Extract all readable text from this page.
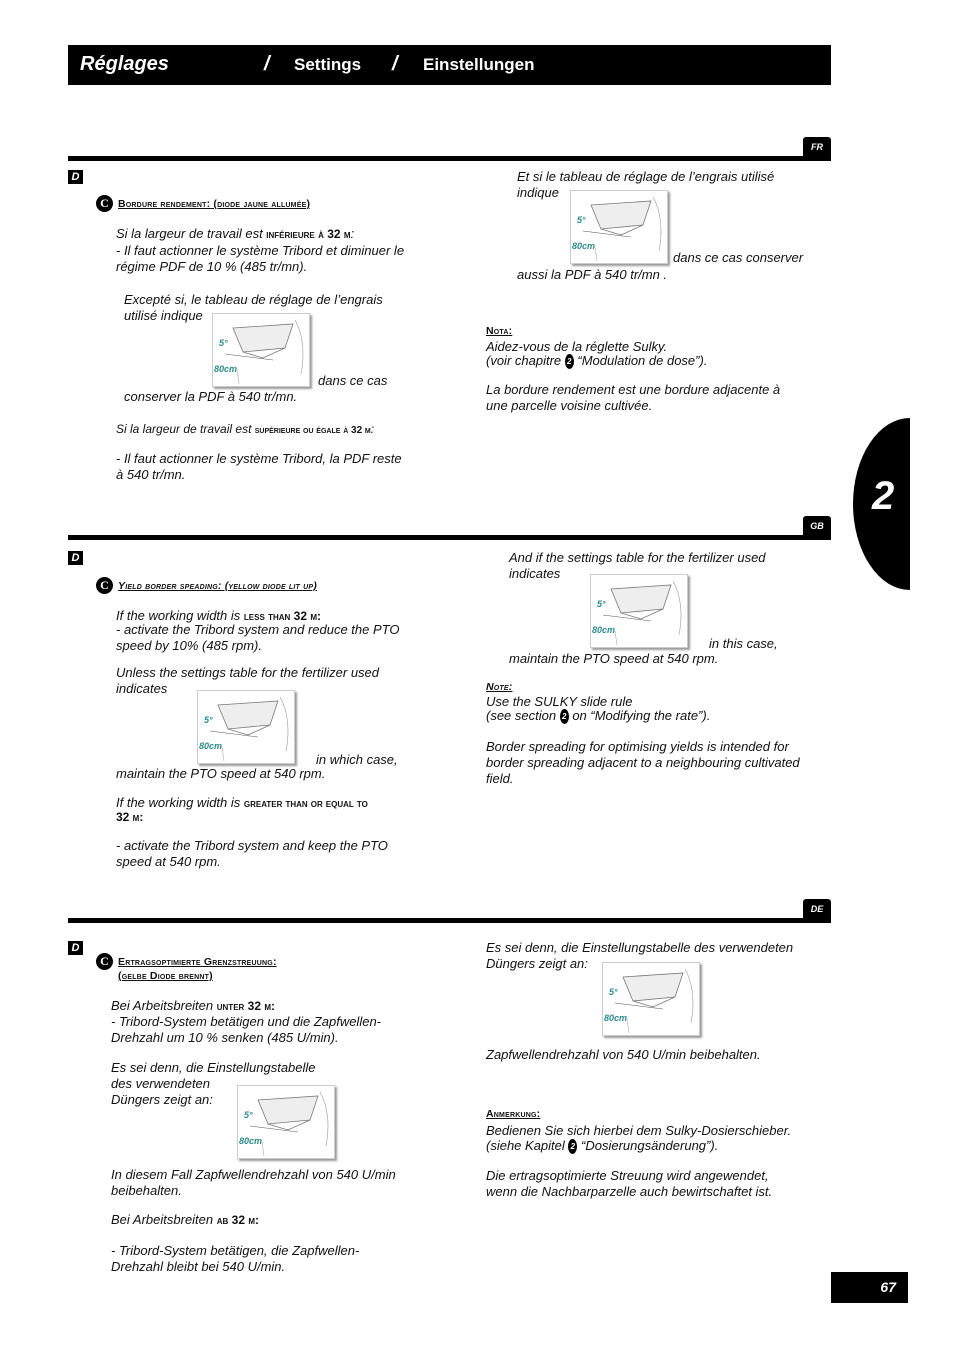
Réglages	/ Settings / Einstellungen
2
FR
D
C Bordure rendement: (diode jaune allumée)
Si la largeur de travail est inférieure à 32 m:
- Il faut actionner le système Tribord et diminuer le
régime PDF de 10 % (485 tr/mn).
Excepté si, le tableau de réglage de l’engrais
utilisé indique
5°
80cm
dans ce cas
conserver la PDF à 540 tr/mn.
Si la largeur de travail est supérieure ou égale à 32 m:
- Il faut actionner le système Tribord, la PDF reste
à 540 tr/mn.
Et si le tableau de réglage de l’engrais utilisé
indique
5°
80cm
dans ce cas conserver
aussi la PDF à 540 tr/mn .
Nota:
Aidez-vous de la réglette Sulky.
(voir chapitre 2 “Modulation de dose”).
La bordure rendement est une bordure adjacente à
une parcelle voisine cultivée.
GB
D
C Yield border speading: (yellow diode lit up)
If the working width is less than 32 m:
- activate the Tribord system and reduce the PTO
speed by 10% (485 rpm).
Unless the settings table for the fertilizer used
indicates
5°
80cm
in which case,
maintain the PTO speed at 540 rpm.
If the working width is greater than or equal to
32 m:
- activate the Tribord system and keep the PTO
speed at 540 rpm.
And if the settings table for the fertilizer used
indicates
5°
80cm
in this case,
maintain the PTO speed at 540 rpm.
Note:
Use the SULKY slide rule
(see section 2 on “Modifying the rate”).
Border spreading for optimising yields is intended for
border spreading adjacent to a neighbouring cultivated
field.
DE
D
C Ertragsoptimierte Grenzstreuung:
(gelbe Diode brennt)
Bei Arbeitsbreiten unter 32 m:
- Tribord-System betätigen und die Zapfwellen-
Drehzahl um 10 % senken (485 U/min).
Es sei denn, die Einstellungstabelle
des verwendeten
Düngers zeigt an:
5°
80cm
In diesem Fall Zapfwellendrehzahl von 540 U/min
beibehalten.
Bei Arbeitsbreiten ab 32 m:
- Tribord-System betätigen, die Zapfwellen-
Drehzahl bleibt bei 540 U/min.
Es sei denn, die Einstellungstabelle des verwendeten
Düngers zeigt an:
5°
80cm
Zapfwellendrehzahl von 540 U/min beibehalten.
Anmerkung:
Bedienen Sie sich hierbei dem Sulky-Dosierschieber.
(siehe Kapitel 2 “Dosierungsänderung”).
Die ertragsoptimierte Streuung wird angewendet,
wenn die Nachbarparzelle auch bewirtschaftet ist.
67
